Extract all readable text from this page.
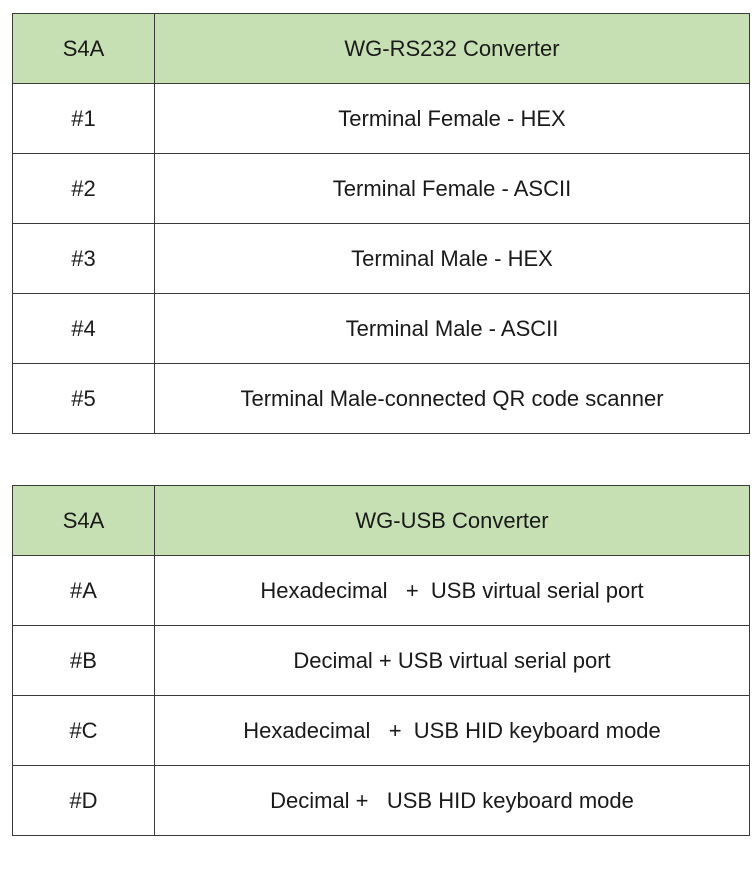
S4A	WG-RS232 Converter
#1	Terminal Female - HEX
#2	Terminal Female - ASCII
#3	Terminal Male - HEX
#4	Terminal Male - ASCII
#5	Terminal Male-connected QR code scanner
S4A	WG-USB Converter
#A	Hexadecimal   +  USB virtual serial port
#B	Decimal + USB virtual serial port
#C	Hexadecimal   +  USB HID keyboard mode
#D	Decimal +   USB HID keyboard mode
